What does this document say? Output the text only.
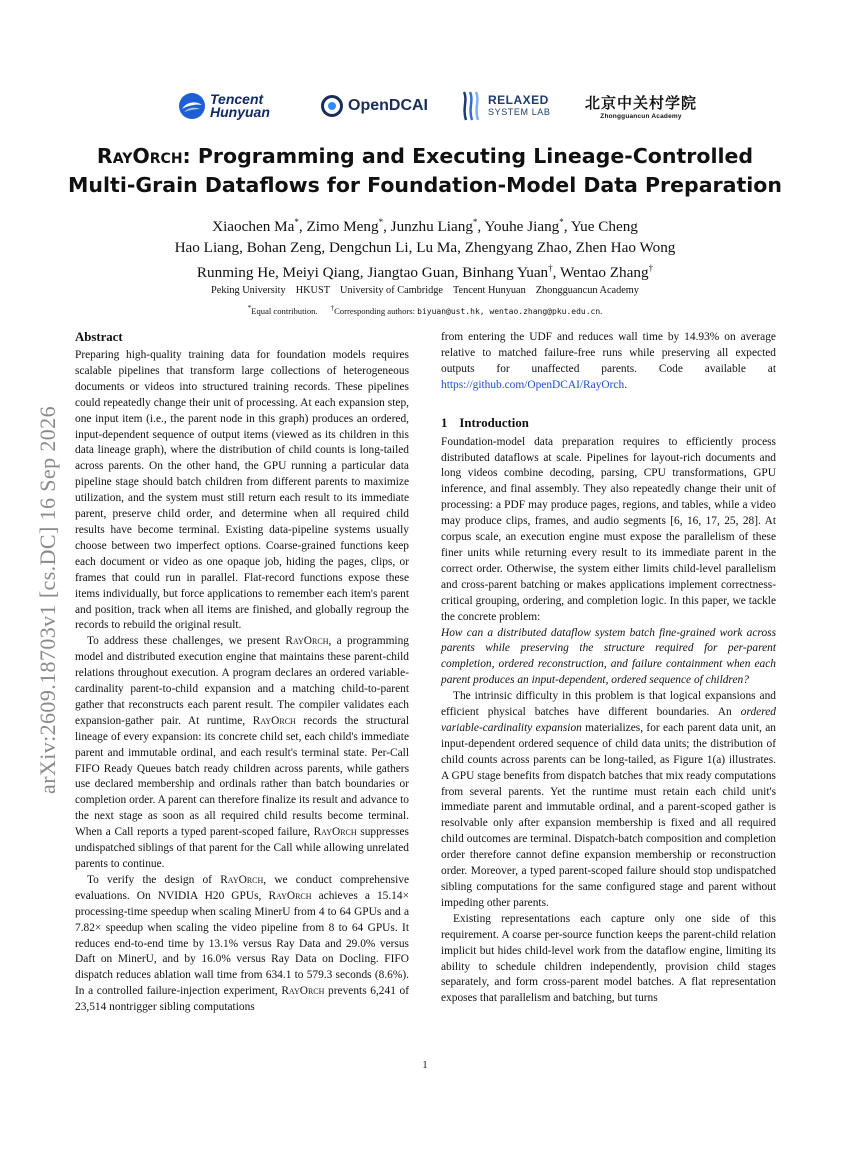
Tencent
Hunyuan	OpenDCAI	RELAXED
SYSTEM LAB 北京中关村学院
Zhongguancun Academy
RayOrch: Programming and Executing Lineage-Controlled
Multi-Grain Dataflows for Foundation-Model Data Preparation
Xiaochen Ma*, Zimo Meng*, Junzhu Liang*, Youhe Jiang*, Yue Cheng
Hao Liang, Bohan Zeng, Dengchun Li, Lu Ma, Zhengyang Zhao, Zhen Hao Wong
Runming He, Meiyi Qiang, Jiangtao Guan, Binhang Yuan†, Wentao Zhang†
Peking University HKUST University of Cambridge Tencent Hunyuan Zhongguancun Academy
*Equal contribution. †Corresponding authors: biyuan@ust.hk, wentao.zhang@pku.edu.cn.
arXiv:2609.18703v1 [cs.DC] 16 Sep 2026
Abstract

Preparing high-quality training data for foundation models requires scalable pipelines that transform large collections of heterogeneous documents or videos into structured training records. These pipelines could repeatedly change their unit of processing. At each expansion step, one input item (i.e., the parent node in this graph) produces an ordered, input-dependent sequence of output items (viewed as its children in this data lineage graph), where the distribution of child counts is long-tailed across parents. On the other hand, the GPU running a particular data pipeline stage should batch children from different parents to maximize utilization, and the system must still return each result to its immediate parent, preserve child order, and determine when all required child results have become terminal. Existing data-pipeline systems usually choose between two imperfect options. Coarse-grained functions keep each document or video as one opaque job, hiding the pages, clips, or frames that could run in parallel. Flat-record functions expose these items individually, but force applications to remember each item's parent and position, track when all items are finished, and globally regroup the records to rebuild the original result.

To address these challenges, we present RayOrch, a programming model and distributed execution engine that maintains these parent-child relations throughout execution. A program declares an ordered variable-cardinality parent-to-child expansion and a matching child-to-parent gather that reconstructs each parent result. The compiler validates each expansion-gather pair. At runtime, RayOrch records the structural lineage of every expansion: its concrete child set, each child's immediate parent and immutable ordinal, and each result's terminal state. Per-Call FIFO Ready Queues batch ready children across parents, while gathers use declared membership and ordinals rather than batch boundaries or completion order. A parent can therefore finalize its result and advance to the next stage as soon as all required child results become terminal. When a Call reports a typed parent-scoped failure, RayOrch suppresses undispatched siblings of that parent for the Call while allowing unrelated parents to continue.

To verify the design of RayOrch, we conduct comprehensive evaluations. On NVIDIA H20 GPUs, RayOrch achieves a 15.14× processing-time speedup when scaling MinerU from 4 to 64 GPUs and a 7.82× speedup when scaling the video pipeline from 8 to 64 GPUs. It reduces end-to-end time by 13.1% versus Ray Data and 29.0% versus Daft on MinerU, and by 16.0% versus Ray Data on Docling. FIFO dispatch reduces ablation wall time from 634.1 to 579.3 seconds (8.6%). In a controlled failure-injection experiment, RayOrch prevents 6,241 of 23,514 nontrigger sibling computations

from entering the UDF and reduces wall time by 14.93% on average relative to matched failure-free runs while preserving all expected outputs for unaffected parents. Code available at https://github.com/OpenDCAI/RayOrch.

1 Introduction

Foundation-model data preparation requires to efficiently process distributed dataflows at scale. Pipelines for layout-rich documents and long videos combine decoding, parsing, CPU transformations, GPU inference, and final assembly. They also repeatedly change their unit of processing: a PDF may produce pages, regions, and tables, while a video may produce clips, frames, and audio segments [6, 16, 17, 25, 28]. At corpus scale, an execution engine must expose the parallelism of these finer units while returning every result to its immediate parent in the correct order. Otherwise, the system either limits child-level parallelism and cross-parent batching or makes applications implement correctness-critical grouping, ordering, and completion logic. In this paper, we tackle the concrete problem:

How can a distributed dataflow system batch fine-grained work across parents while preserving the structure required for per-parent completion, ordered reconstruction, and failure containment when each parent produces an input-dependent, ordered sequence of children?

The intrinsic difficulty in this problem is that logical expansions and efficient physical batches have different boundaries. An ordered variable-cardinality expansion materializes, for each parent data unit, an input-dependent ordered sequence of child data units; the distribution of child counts across parents can be long-tailed, as Figure 1(a) illustrates. A GPU stage benefits from dispatch batches that mix ready computations from several parents. Yet the runtime must retain each child unit's immediate parent and immutable ordinal, and a parent-scoped gather is resolvable only after expansion membership is fixed and all required child outcomes are terminal. Dispatch-batch composition and completion order therefore cannot define expansion membership or reconstruction order. Moreover, a typed parent-scoped failure should stop undispatched sibling computations for the same configured stage and parent without impeding other parents.

Existing representations each capture only one side of this requirement. A coarse per-source function keeps the parent-child relation implicit but hides child-level work from the dataflow engine, limiting its ability to schedule children independently, provision child stages separately, and form cross-parent model batches. A flat representation exposes that parallelism and batching, but turns

1
